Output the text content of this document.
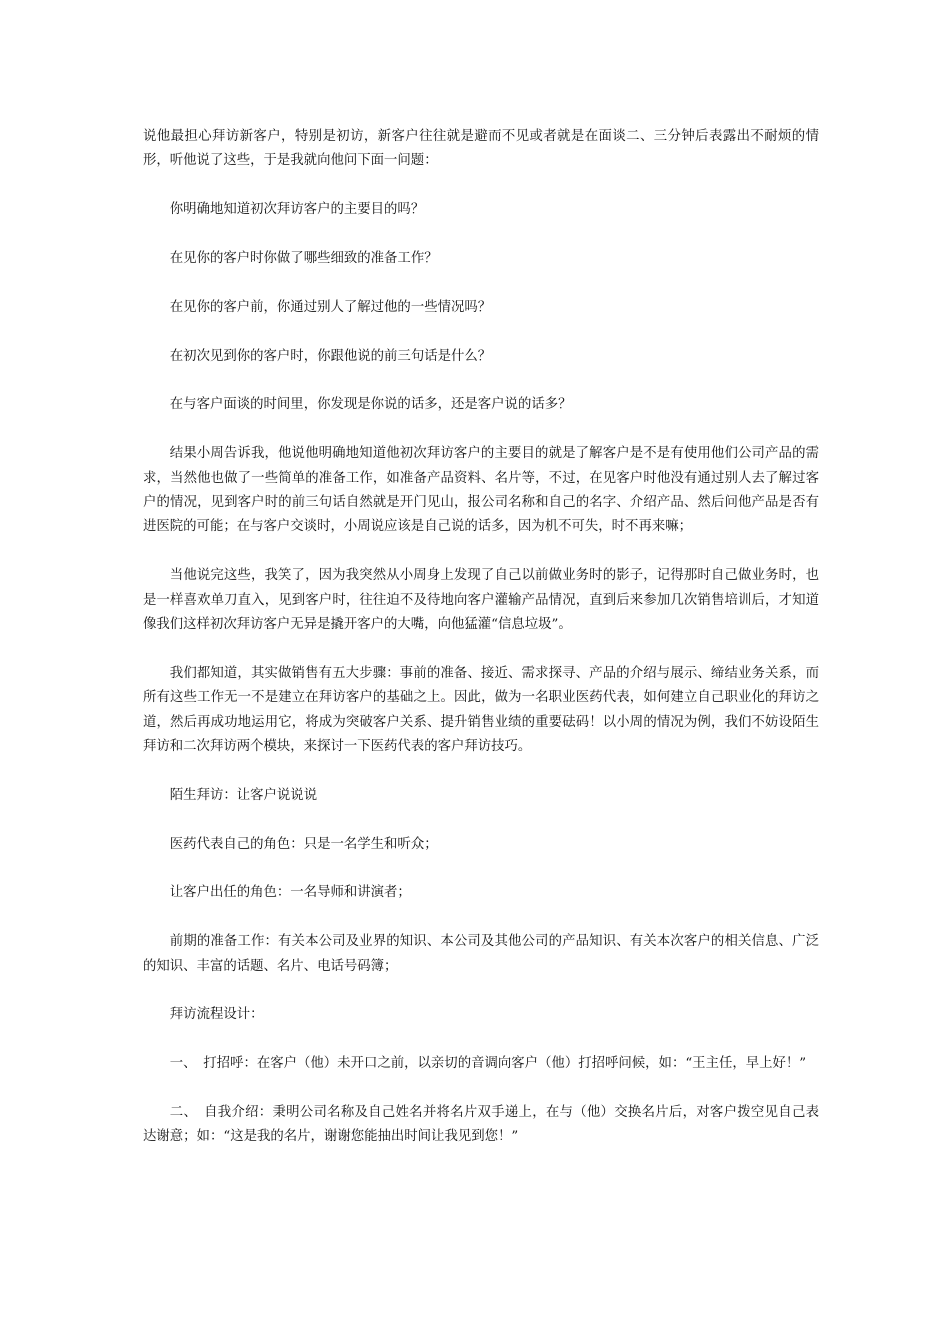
说他最担心拜访新客户，特别是初访，新客户往往就是避而不见或者就是在面谈二、三分钟后表露出不耐烦的情形，听他说了这些，于是我就向他问下面一问题：

你明确地知道初次拜访客户的主要目的吗？

在见你的客户时你做了哪些细致的准备工作？

在见你的客户前，你通过别人了解过他的一些情况吗？

在初次见到你的客户时，你跟他说的前三句话是什么？

在与客户面谈的时间里，你发现是你说的话多，还是客户说的话多？

结果小周告诉我，他说他明确地知道他初次拜访客户的主要目的就是了解客户是不是有使用他们公司产品的需求，当然他也做了一些简单的准备工作，如准备产品资料、名片等，不过，在见客户时他没有通过别人去了解过客户的情况，见到客户时的前三句话自然就是开门见山，报公司名称和自己的名字、介绍产品、然后问他产品是否有进医院的可能；在与客户交谈时，小周说应该是自己说的话多，因为机不可失，时不再来嘛；

当他说完这些，我笑了，因为我突然从小周身上发现了自己以前做业务时的影子，记得那时自己做业务时，也是一样喜欢单刀直入，见到客户时，往往迫不及待地向客户灌输产品情况，直到后来参加几次销售培训后，才知道像我们这样初次拜访客户无异是撬开客户的大嘴，向他猛灌“信息垃圾”。

我们都知道，其实做销售有五大步骤：事前的准备、接近、需求探寻、产品的介绍与展示、缔结业务关系，而所有这些工作无一不是建立在拜访客户的基础之上。因此，做为一名职业医药代表，如何建立自己职业化的拜访之道，然后再成功地运用它，将成为突破客户关系、提升销售业绩的重要砝码！以小周的情况为例，我们不妨设陌生拜访和二次拜访两个模块，来探讨一下医药代表的客户拜访技巧。

陌生拜访：让客户说说说

医药代表自己的角色：只是一名学生和听众；

让客户出任的角色：一名导师和讲演者；

前期的准备工作：有关本公司及业界的知识、本公司及其他公司的产品知识、有关本次客户的相关信息、广泛的知识、丰富的话题、名片、电话号码簿；

拜访流程设计：

一、　打招呼：在客户（他）未开口之前，以亲切的音调向客户（他）打招呼问候，如：“王主任，早上好！”

二、　自我介绍：秉明公司名称及自己姓名并将名片双手递上，在与（他）交换名片后，对客户拨空见自己表达谢意；如：“这是我的名片，谢谢您能抽出时间让我见到您！”
